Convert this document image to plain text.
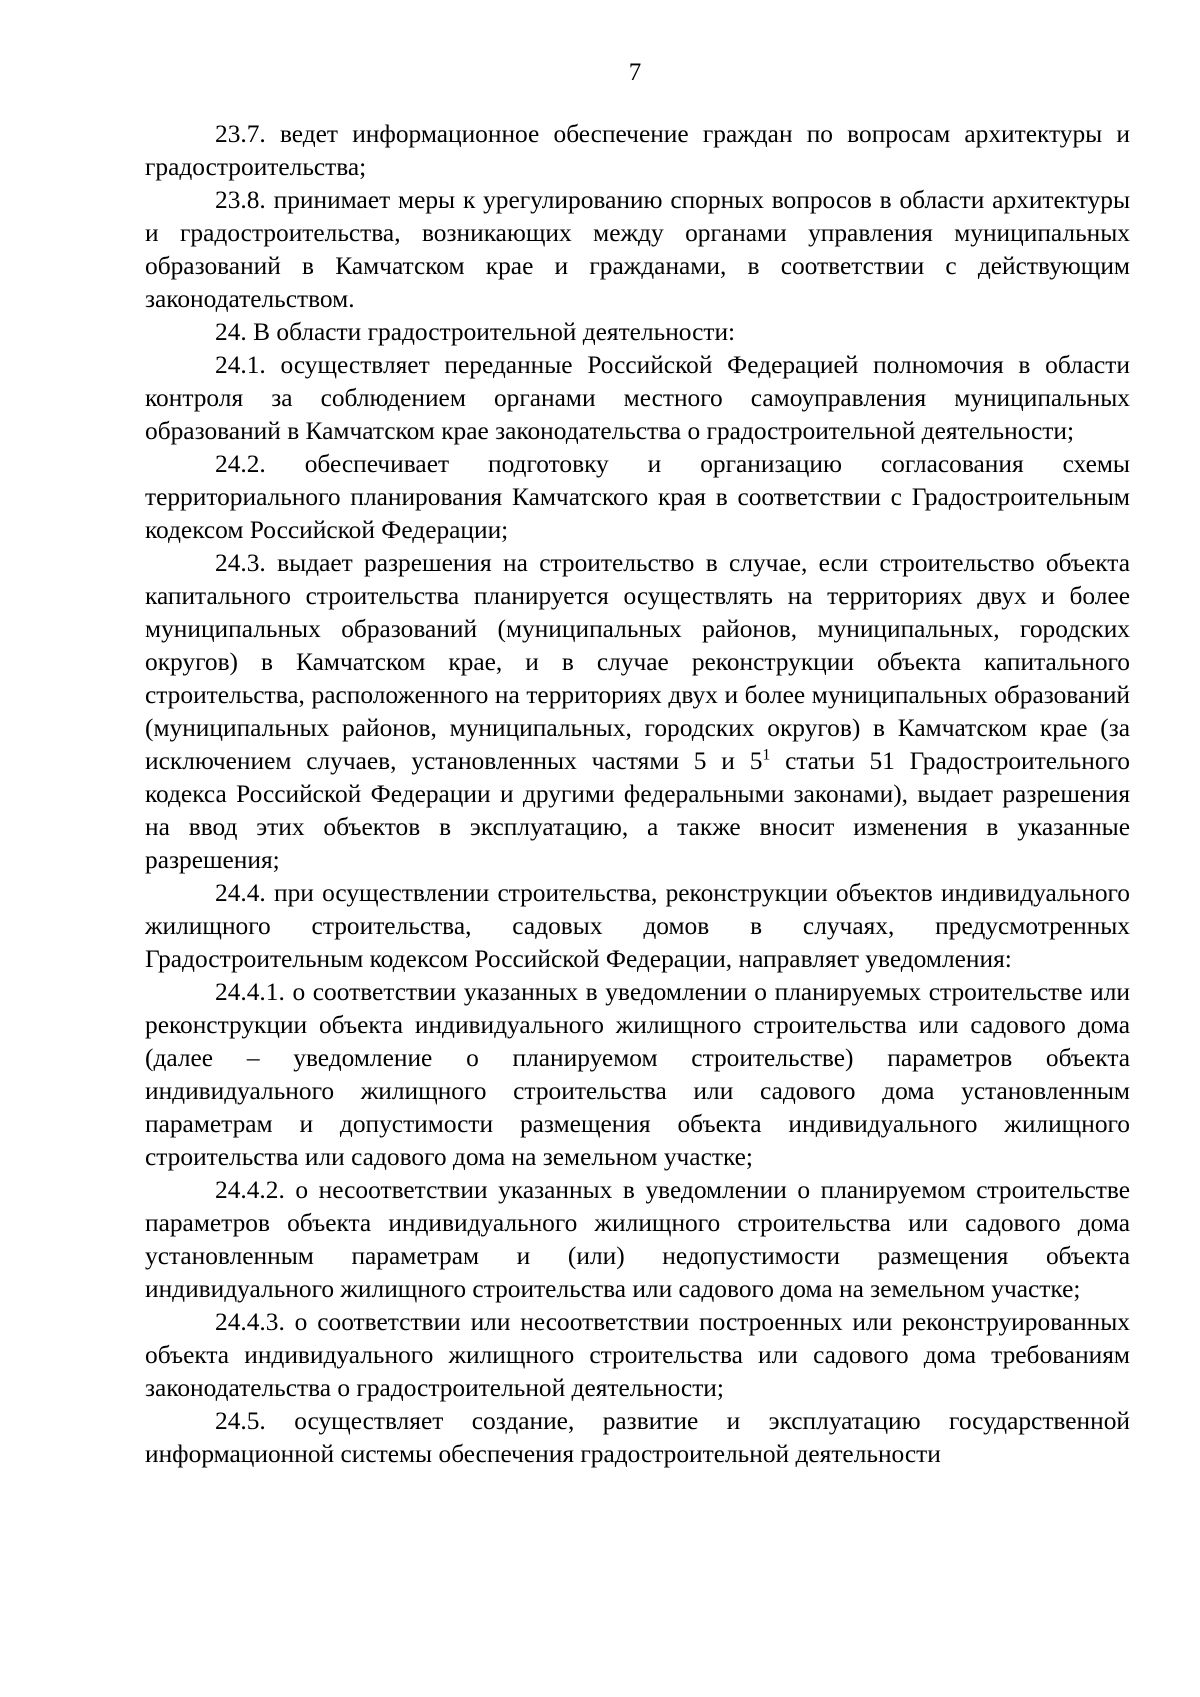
7

23.7. ведет информационное обеспечение граждан по вопросам архитектуры и градостроительства;

23.8. принимает меры к урегулированию спорных вопросов в области архитектуры и градостроительства, возникающих между органами управления муниципальных образований в Камчатском крае и гражданами, в соответствии с действующим законодательством.

24. В области градостроительной деятельности:

24.1. осуществляет переданные Российской Федерацией полномочия в области контроля за соблюдением органами местного самоуправления муниципальных образований в Камчатском крае законодательства о градостроительной деятельности;

24.2. обеспечивает подготовку и организацию согласования схемы территориального планирования Камчатского края в соответствии с Градостроительным кодексом Российской Федерации;

24.3. выдает разрешения на строительство в случае, если строительство объекта капитального строительства планируется осуществлять на территориях двух и более муниципальных образований (муниципальных районов, муниципальных, городских округов) в Камчатском крае, и в случае реконструкции объекта капитального строительства, расположенного на территориях двух и более муниципальных образований (муниципальных районов, муниципальных, городских округов) в Камчатском крае (за исключением случаев, установленных частями 5 и $5^1$ статьи 51 Градостроительного кодекса Российской Федерации и другими федеральными законами), выдает разрешения на ввод этих объектов в эксплуатацию, а также вносит изменения в указанные разрешения;

24.4. при осуществлении строительства, реконструкции объектов индивидуального жилищного строительства, садовых домов в случаях, предусмотренных Градостроительным кодексом Российской Федерации, направляет уведомления:

24.4.1. о соответствии указанных в уведомлении о планируемых строительстве или реконструкции объекта индивидуального жилищного строительства или садового дома (далее – уведомление о планируемом строительстве) параметров объекта индивидуального жилищного строительства или садового дома установленным параметрам и допустимости размещения объекта индивидуального жилищного строительства или садового дома на земельном участке;

24.4.2. о несоответствии указанных в уведомлении о планируемом строительстве параметров объекта индивидуального жилищного строительства или садового дома установленным параметрам и (или) недопустимости размещения объекта индивидуального жилищного строительства или садового дома на земельном участке;

24.4.3. о соответствии или несоответствии построенных или реконструированных объекта индивидуального жилищного строительства или садового дома требованиям законодательства о градостроительной деятельности;

24.5. осуществляет создание, развитие и эксплуатацию государственной информационной системы обеспечения градостроительной деятельности
